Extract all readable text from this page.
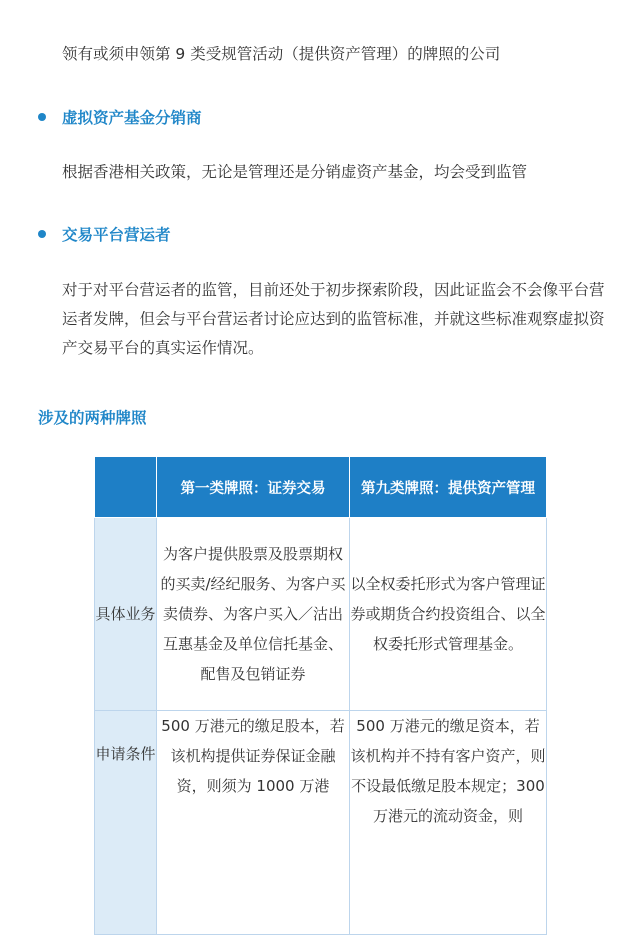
领有或须申领第 9 类受规管活动（提供资产管理）的牌照的公司

虚拟资产基金分销商

根据香港相关政策，无论是管理还是分销虚资产基金，均会受到监管

交易平台营运者

对于对平台营运者的监管，目前还处于初步探索阶段，因此证监会不会像平台营运者发牌，但会与平台营运者讨论应达到的监管标准，并就这些标准观察虚拟资产交易平台的真实运作情况。

涉及的两种牌照
	第一类牌照：证券交易	第九类牌照：提供资产管理
具体业务	为客户提供股票及股票期权的买卖/经纪服务、为客户买卖债券、为客户买入／沽出互惠基金及单位信托基金、配售及包销证券	以全权委托形式为客户管理证券或期货合约投资组合、以全权委托形式管理基金。
申请条件	500 万港元的缴足股本，若该机构提供证券保证金融资，则须为 1000 万港	500 万港元的缴足资本，若该机构并不持有客户资产，则不设最低缴足股本规定；300 万港元的流动资金，则
